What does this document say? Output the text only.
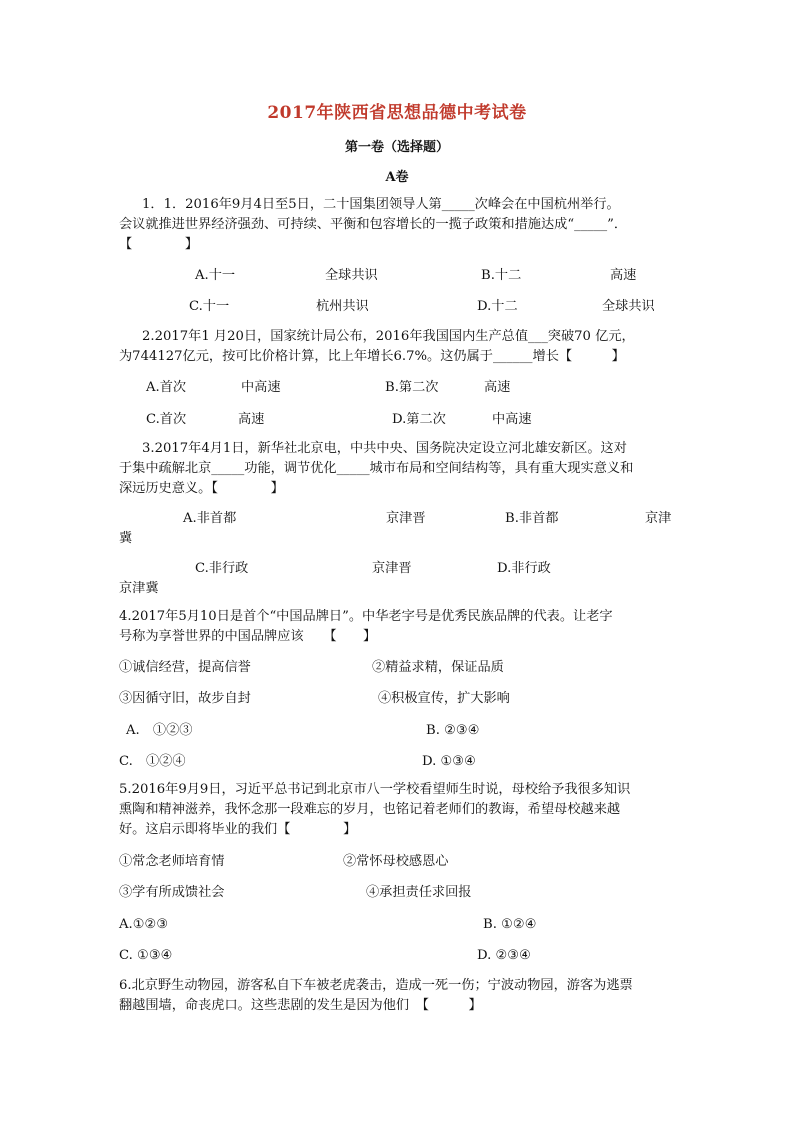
2017年陕西省思想品德中考试卷
第一卷（选择题）
A卷
1．1．2016年9月4日至5日，二十国集团领导人第_____次峰会在中国杭州举行。
会议就推进世界经济强劲、可持续、平衡和包容增长的一揽子政策和措施达成“_____”．
【　　　　】
A.十一	全球共识	B.十二	高速
C.十一	杭州共识	D.十二	全球共识
2.2017年1 月20日，国家统计局公布，2016年我国国内生产总值___突破70 亿元，
为744127亿元，按可比价格计算，比上年增长6.7%。这仍属于______增长【　　　】
A.首次	中高速	B.第二次	高速
C.首次	高速	D.第二次	中高速
3.2017年4月1日，新华社北京电，中共中央、国务院决定设立河北雄安新区。这对
于集中疏解北京_____功能，调节优化_____城市布局和空间结构等，具有重大现实意义和
深远历史意义。【　　　　】
A.非首都	京津晋	B.非首都	京津
冀
C.非行政	京津晋	D.非行政
京津冀
4.2017年5月10日是首个“中国品牌日”。中华老字号是优秀民族品牌的代表。让老字
号称为享誉世界的中国品牌应该　　【　　】
①诚信经营，提高信誉	②精益求精，保证品质
③因循守旧，故步自封	④积极宣传，扩大影响
A.　①②③	B. ②③④
C.　①②④	D. ①③④
5.2016年9月9日，习近平总书记到北京市八一学校看望师生时说，母校给予我很多知识
熏陶和精神滋养，我怀念那一段难忘的岁月，也铭记着老师们的教诲，希望母校越来越
好。这启示即将毕业的我们【　　　　】
①常念老师培育情	②常怀母校感恩心
③学有所成馈社会	④承担责任求回报
A.①②③	B. ①②④
C. ①③④	D. ②③④
6.北京野生动物园，游客私自下车被老虎袭击，造成一死一伤；宁波动物园，游客为逃票
翻越围墙，命丧虎口。这些悲剧的发生是因为他们　【　　　】
